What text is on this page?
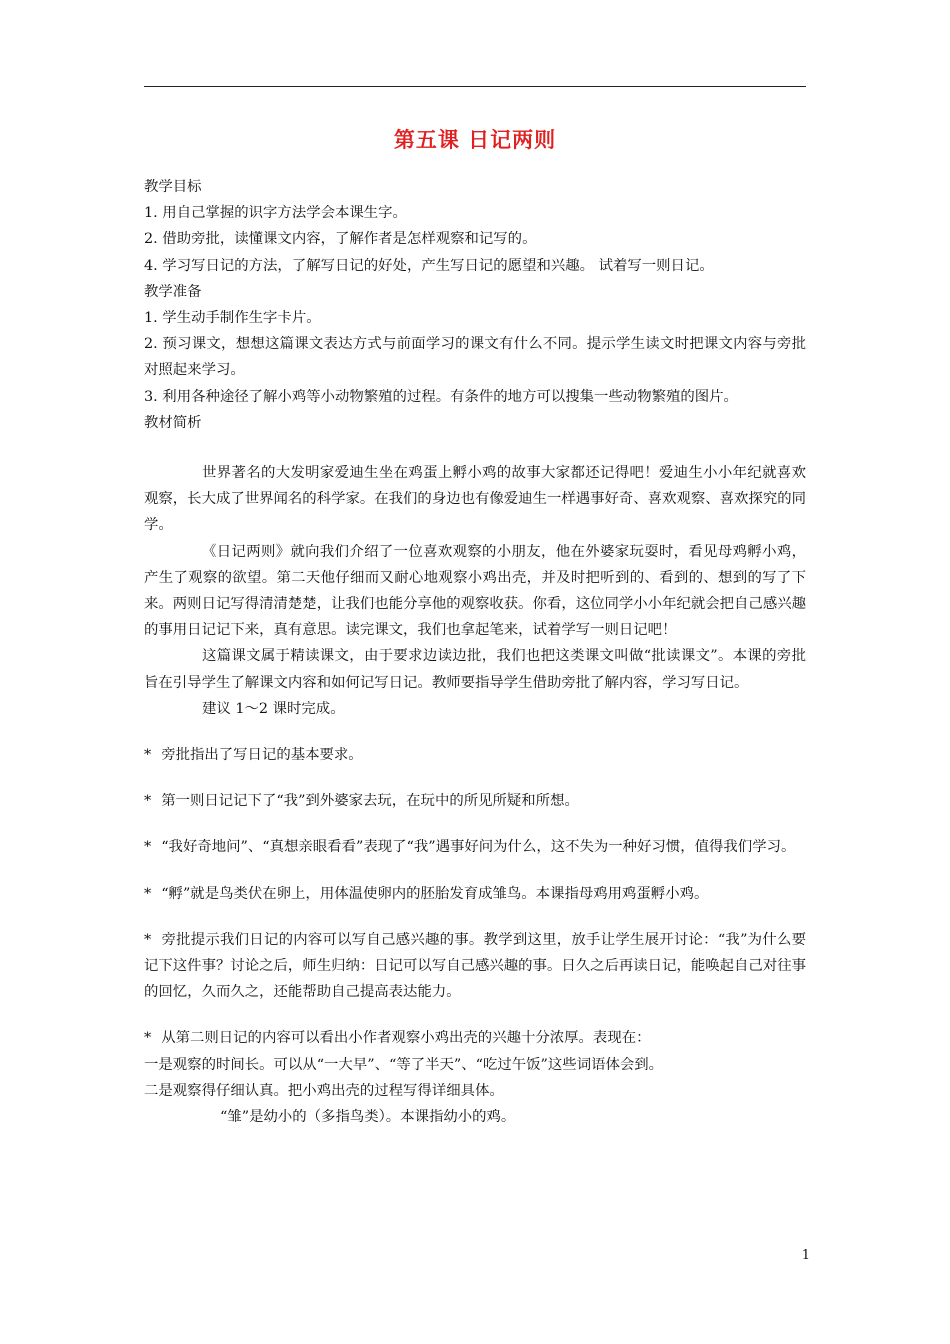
第五课 日记两则

教学目标

1. 用自己掌握的识字方法学会本课生字。

2. 借助旁批，读懂课文内容，了解作者是怎样观察和记写的。

4. 学习写日记的方法，了解写日记的好处，产生写日记的愿望和兴趣。 试着写一则日记。

教学准备

1. 学生动手制作生字卡片。

2. 预习课文，想想这篇课文表达方式与前面学习的课文有什么不同。提示学生读文时把课文内容与旁批对照起来学习。

3. 利用各种途径了解小鸡等小动物繁殖的过程。有条件的地方可以搜集一些动物繁殖的图片。

教材简析

世界著名的大发明家爱迪生坐在鸡蛋上孵小鸡的故事大家都还记得吧！爱迪生小小年纪就喜欢观察，长大成了世界闻名的科学家。在我们的身边也有像爱迪生一样遇事好奇、喜欢观察、喜欢探究的同学。

《日记两则》就向我们介绍了一位喜欢观察的小朋友，他在外婆家玩耍时，看见母鸡孵小鸡，产生了观察的欲望。第二天他仔细而又耐心地观察小鸡出壳，并及时把听到的、看到的、想到的写了下来。两则日记写得清清楚楚，让我们也能分享他的观察收获。你看，这位同学小小年纪就会把自己感兴趣的事用日记记下来，真有意思。读完课文，我们也拿起笔来，试着学写一则日记吧！

这篇课文属于精读课文，由于要求边读边批，我们也把这类课文叫做“批读课文”。本课的旁批旨在引导学生了解课文内容和如何记写日记。教师要指导学生借助旁批了解内容，学习写日记。

建议 1～2 课时完成。

* 旁批指出了写日记的基本要求。

* 第一则日记记下了“我”到外婆家去玩，在玩中的所见所疑和所想。

* “我好奇地问”、“真想亲眼看看”表现了“我”遇事好问为什么，这不失为一种好习惯，值得我们学习。

* “孵”就是鸟类伏在卵上，用体温使卵内的胚胎发育成雏鸟。本课指母鸡用鸡蛋孵小鸡。

* 旁批提示我们日记的内容可以写自己感兴趣的事。教学到这里，放手让学生展开讨论：“我”为什么要记下这件事？讨论之后，师生归纳：日记可以写自己感兴趣的事。日久之后再读日记，能唤起自己对往事的回忆，久而久之，还能帮助自己提高表达能力。

* 从第二则日记的内容可以看出小作者观察小鸡出壳的兴趣十分浓厚。表现在：

一是观察的时间长。可以从“一大早”、“等了半天”、“吃过午饭”这些词语体会到。

二是观察得仔细认真。把小鸡出壳的过程写得详细具体。

“雏”是幼小的（多指鸟类）。本课指幼小的鸡。

1
